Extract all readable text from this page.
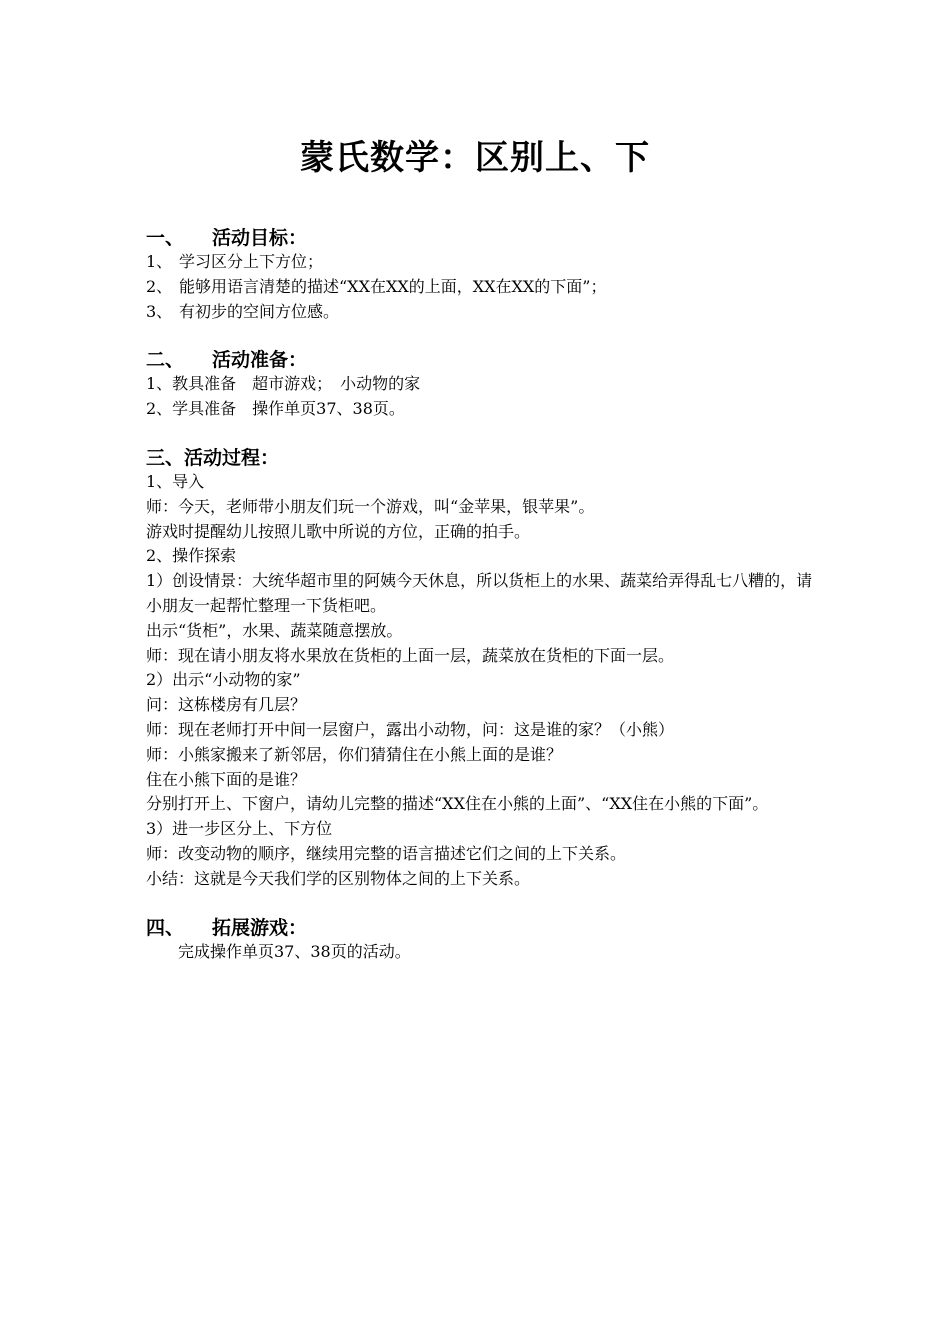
蒙氏数学：区别上、下
一、 活动目标：
1、 学习区分上下方位；
2、 能够用语言清楚的描述“XX在XX的上面，XX在XX的下面”；
3、 有初步的空间方位感。
二、 活动准备：
1、教具准备　超市游戏；　小动物的家
2、学具准备　操作单页37、38页。
三、活动过程：
1、导入
师：今天，老师带小朋友们玩一个游戏，叫“金苹果，银苹果”。
游戏时提醒幼儿按照儿歌中所说的方位，正确的拍手。
2、操作探索
1）创设情景：大统华超市里的阿姨今天休息，所以货柜上的水果、蔬菜给弄得乱七八糟的，请小朋友一起帮忙整理一下货柜吧。
出示“货柜”，水果、蔬菜随意摆放。
师：现在请小朋友将水果放在货柜的上面一层，蔬菜放在货柜的下面一层。
2）出示“小动物的家”
问：这栋楼房有几层？
师：现在老师打开中间一层窗户，露出小动物，问：这是谁的家？（小熊）
师：小熊家搬来了新邻居，你们猜猜住在小熊上面的是谁？
住在小熊下面的是谁？
分别打开上、下窗户，请幼儿完整的描述“XX住在小熊的上面”、“XX住在小熊的下面”。
3）进一步区分上、下方位
师：改变动物的顺序，继续用完整的语言描述它们之间的上下关系。
小结：这就是今天我们学的区别物体之间的上下关系。
四、 拓展游戏：
完成操作单页37、38页的活动。
